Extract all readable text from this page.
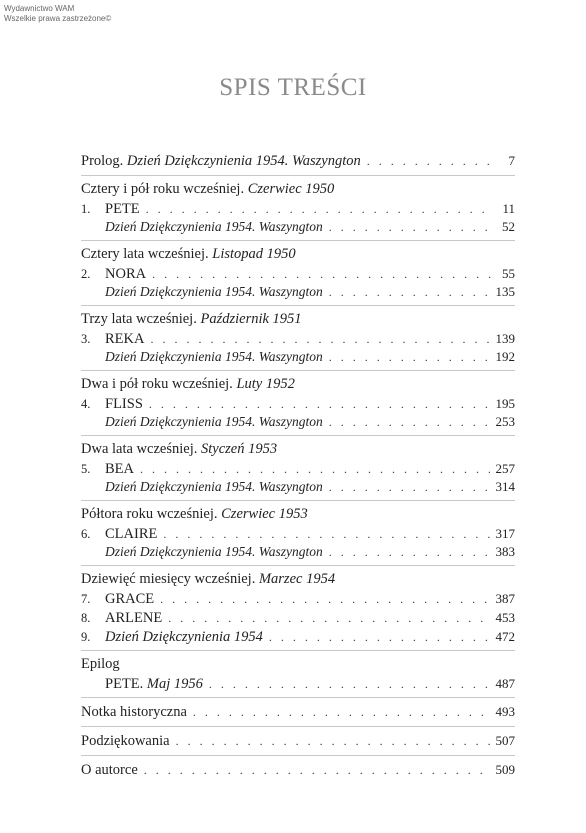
Wydawnictwo WAM
Wszelkie prawa zastrzeżone©
SPIS TREŚCI
Prolog. Dzień Dziękczynienia 1954. Waszyngton . . .	7
Cztery i pół roku wcześniej.
Czerwiec 1950
1.	PETE . . .	11
Dzień Dziękczynienia 1954. Waszyngton . . .	52
Cztery lata wcześniej.
Listopad 1950
2.	NORA . . .	55
Dzień Dziękczynienia 1954. Waszyngton . . .	135
Trzy lata wcześniej.
Październik 1951
3.	REKA . . .	139
Dzień Dziękczynienia 1954. Waszyngton . . .	192
Dwa i pół roku wcześniej.
Luty 1952
4.	FLISS . . .	195
Dzień Dziękczynienia 1954. Waszyngton . . .	253
Dwa lata wcześniej.
Styczeń 1953
5.	BEA . . .	257
Dzień Dziękczynienia 1954. Waszyngton . . .	314
Półtora roku wcześniej.
Czerwiec 1953
6.	CLAIRE . . .	317
Dzień Dziękczynienia 1954. Waszyngton . . .	383
Dziewięć miesięcy wcześniej.
Marzec 1954
7.	GRACE . . .	387
8.	ARLENE . . .	453
9.	Dzień Dziękczynienia 1954 . . .	472
Epilog
PETE. Maj 1956 . . .	487
Notka historyczna . . .	493
Podziękowania . . .	507
O autorce . . .	509
